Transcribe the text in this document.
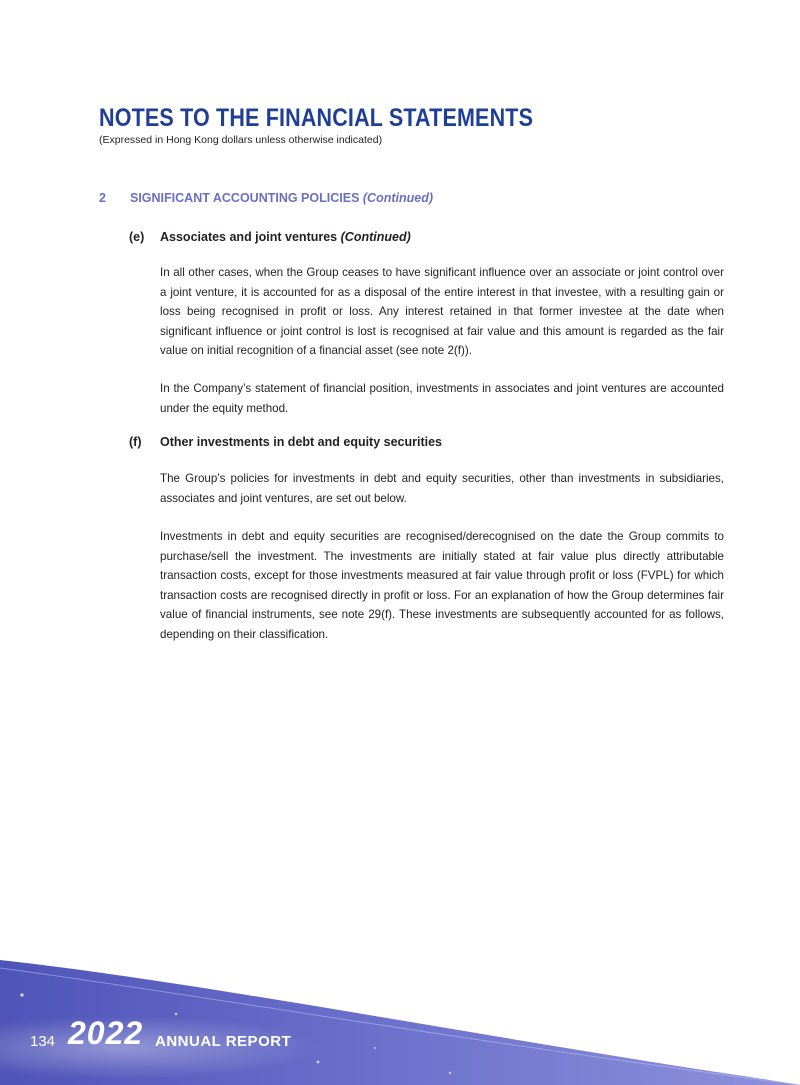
NOTES TO THE FINANCIAL STATEMENTS
(Expressed in Hong Kong dollars unless otherwise indicated)
2 SIGNIFICANT ACCOUNTING POLICIES (Continued)
(e) Associates and joint ventures (Continued)

In all other cases, when the Group ceases to have significant influence over an associate or joint control over a joint venture, it is accounted for as a disposal of the entire interest in that investee, with a resulting gain or loss being recognised in profit or loss. Any interest retained in that former investee at the date when significant influence or joint control is lost is recognised at fair value and this amount is regarded as the fair value on initial recognition of a financial asset (see note 2(f)).

In the Company’s statement of financial position, investments in associates and joint ventures are accounted under the equity method.

(f) Other investments in debt and equity securities

The Group’s policies for investments in debt and equity securities, other than investments in subsidiaries, associates and joint ventures, are set out below.

Investments in debt and equity securities are recognised/derecognised on the date the Group commits to purchase/sell the investment. The investments are initially stated at fair value plus directly attributable transaction costs, except for those investments measured at fair value through profit or loss (FVPL) for which transaction costs are recognised directly in profit or loss. For an explanation of how the Group determines fair value of financial instruments, see note 29(f). These investments are subsequently accounted for as follows, depending on their classification.

134 2022 ANNUAL REPORT
